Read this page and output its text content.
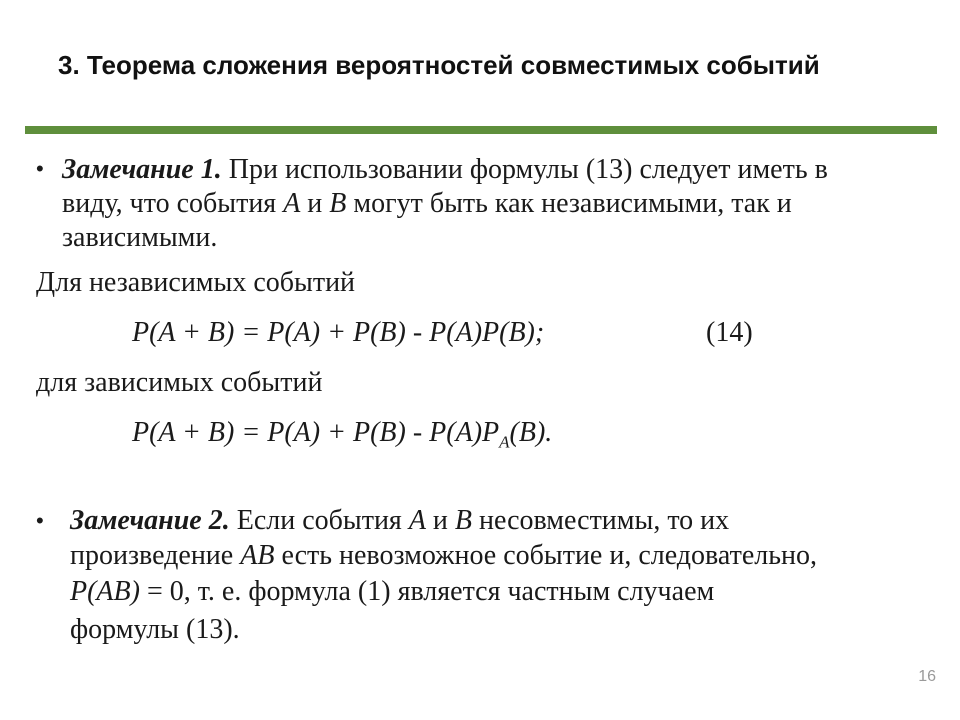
3. Теорема сложения вероятностей совместимых событий
• Замечание 1. При использовании формулы (13) следует иметь в
виду, что события A и B могут быть как независимыми, так и
зависимыми.
Для независимых событий
P(A + B) = P(A) + P(B) - P(A)P(B);	(14)
для зависимых событий
$P(A + B) = P(A) + P(B) - P(A)P_A(B)$.
• Замечание 2. Если события A и B несовместимы, то их
произведение AB есть невозможное событие и, следовательно,
P(AB) = 0, т. е. формула (1) является частным случаем
формулы (13).
16
